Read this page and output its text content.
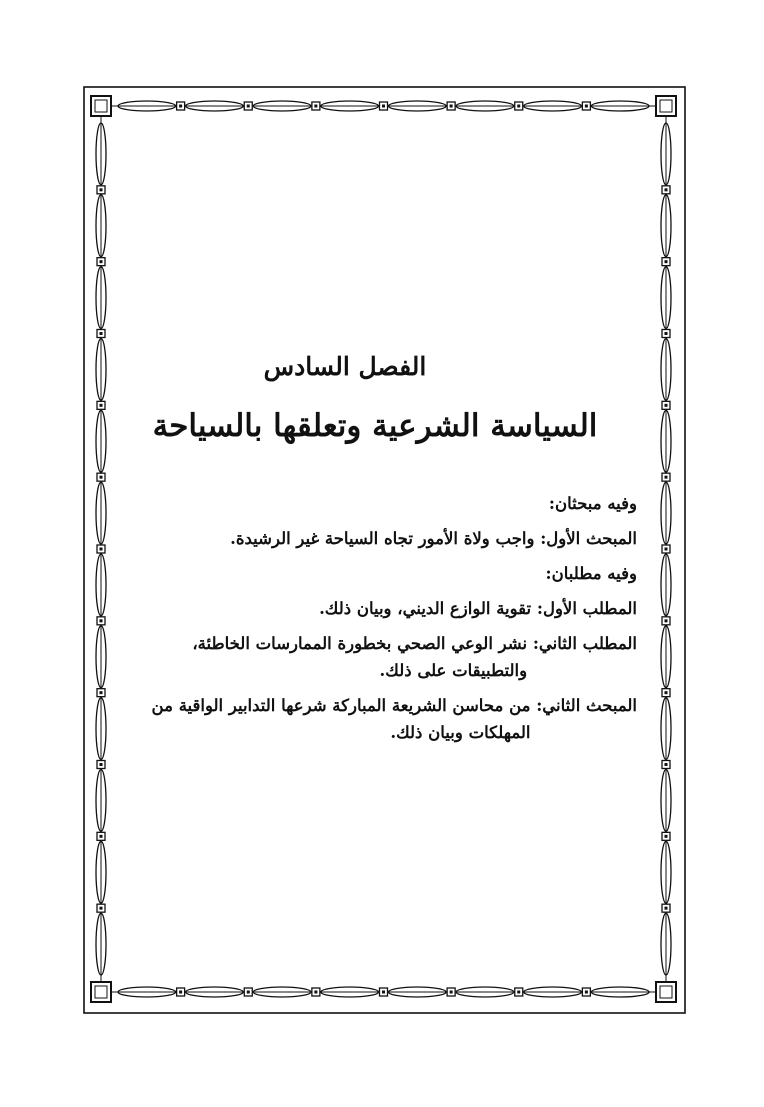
الفصل السادس
السياسة الشرعية وتعلقها بالسياحة
وفيه مبحثان:
المبحث الأول:

واجب ولاة الأمور تجاه السياحة غير الرشيدة.
وفيه مطلبان:
المطلب الأول:

تقوية الوازع الديني، وبيان ذلك.
المطلب الثاني:

نشر الوعي الصحي بخطورة الممارسات الخاطئة، والتطبيقات على ذلك.
المبحث الثاني:

من محاسن الشريعة المباركة شرعها التدابير الواقية من المهلكات وبيان ذلك.
